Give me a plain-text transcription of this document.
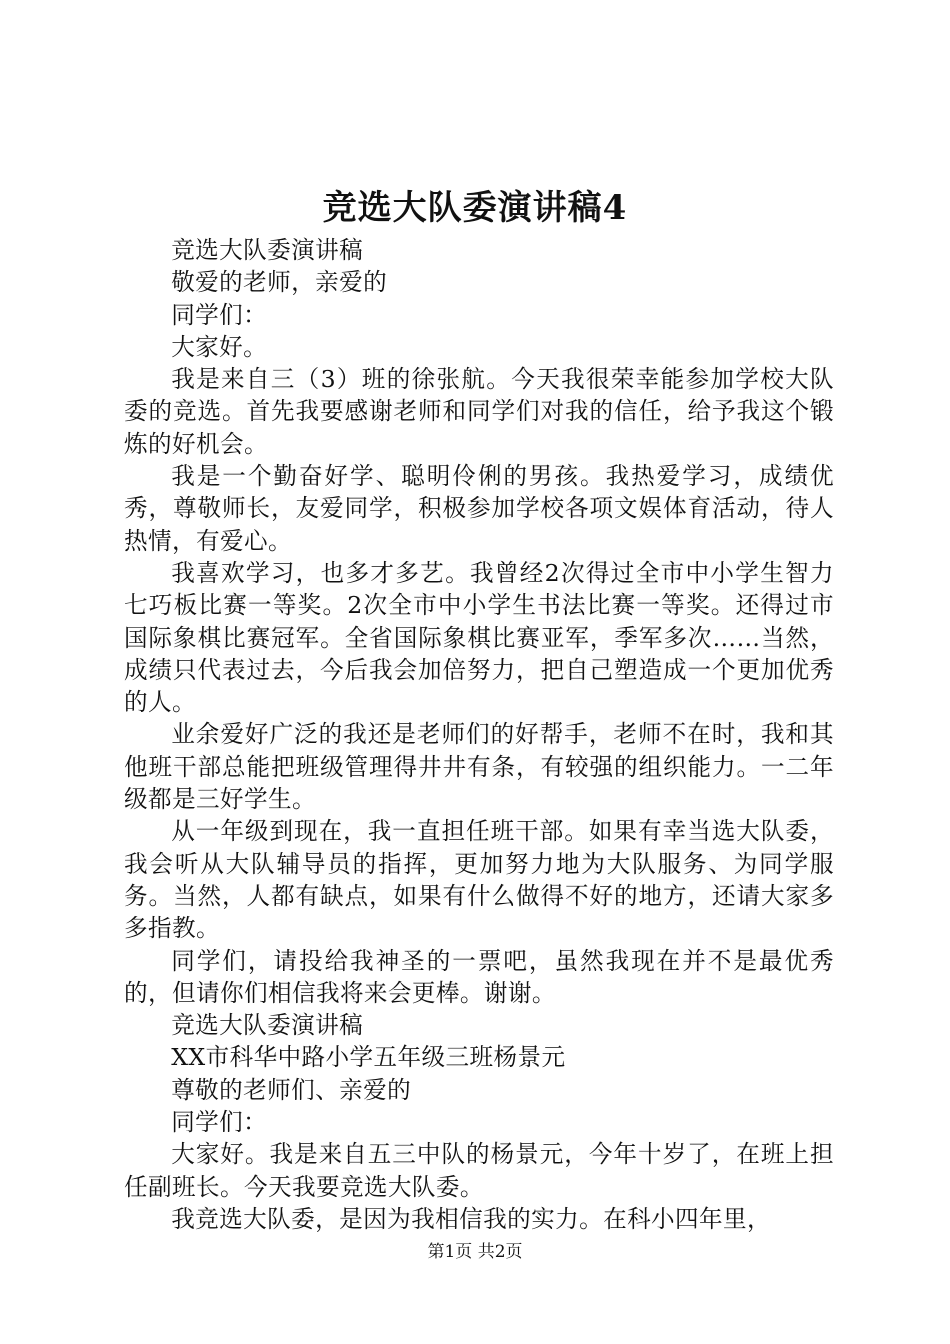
竞选大队委演讲稿4

竞选大队委演讲稿

敬爱的老师，亲爱的

同学们：

大家好。

我是来自三（3）班的徐张航。今天我很荣幸能参加学校大队委的竞选。首先我要感谢老师和同学们对我的信任，给予我这个锻炼的好机会。

我是一个勤奋好学、聪明伶俐的男孩。我热爱学习，成绩优秀，尊敬师长，友爱同学，积极参加学校各项文娱体育活动，待人热情，有爱心。

我喜欢学习，也多才多艺。我曾经2次得过全市中小学生智力七巧板比赛一等奖。2次全市中小学生书法比赛一等奖。还得过市国际象棋比赛冠军。全省国际象棋比赛亚军，季军多次……当然，成绩只代表过去，今后我会加倍努力，把自己塑造成一个更加优秀的人。

业余爱好广泛的我还是老师们的好帮手，老师不在时，我和其他班干部总能把班级管理得井井有条，有较强的组织能力。一二年级都是三好学生。

从一年级到现在，我一直担任班干部。如果有幸当选大队委，我会听从大队辅导员的指挥，更加努力地为大队服务、为同学服务。当然，人都有缺点，如果有什么做得不好的地方，还请大家多多指教。

同学们，请投给我神圣的一票吧，虽然我现在并不是最优秀的，但请你们相信我将来会更棒。谢谢。

竞选大队委演讲稿

XX市科华中路小学五年级三班杨景元

尊敬的老师们、亲爱的

同学们：

大家好。我是来自五三中队的杨景元，今年十岁了，在班上担任副班长。今天我要竞选大队委。

我竞选大队委，是因为我相信我的实力。在科小四年里，

第1页 共2页
